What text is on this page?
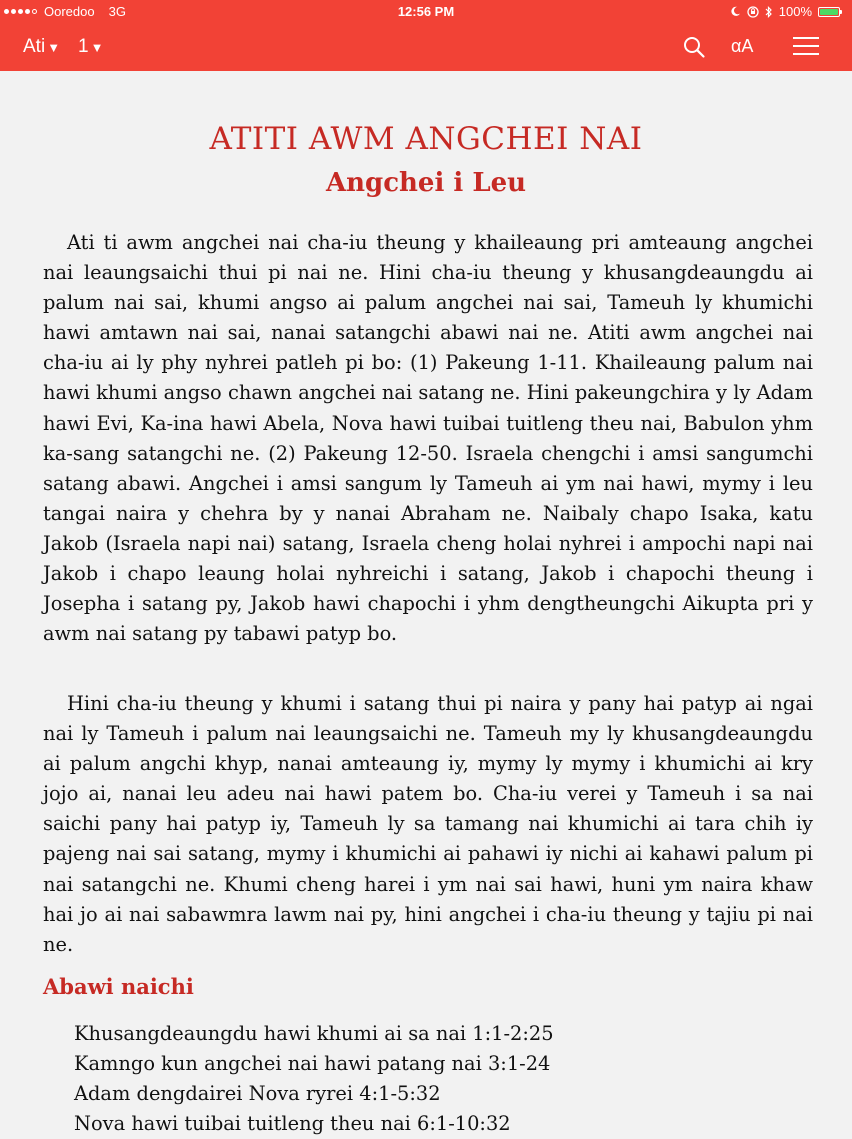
Ooredoo 3G	12:56 PM	100%
Ati ▼ 1 ▼	αA
ATITI AWM ANGCHEI NAI
Angchei i Leu
Ati ti awm angchei nai cha-iu theung y khaileaung pri amteaung angchei nai leaungsaichi thui pi nai ne. Hini cha-iu theung y khusangdeaungdu ai palum nai sai, khumi angso ai palum angchei nai sai, Tameuh ly khumichi hawi amtawn nai sai, nanai satangchi abawi nai ne. Atiti awm angchei nai cha-iu ai ly phy nyhrei patleh pi bo: (1) Pakeung 1-11. Khaileaung palum nai hawi khumi angso chawn angchei nai satang ne. Hini pakeungchira y ly Adam hawi Evi, Ka-ina hawi Abela, Nova hawi tuibai tuitleng theu nai, Babulon yhm ka-sang satangchi ne. (2) Pakeung 12-50. Israela chengchi i amsi sangumchi satang abawi. Angchei i amsi sangum ly Tameuh ai ym nai hawi, mymy i leu tangai naira y chehra by y nanai Abraham ne. Naibaly chapo Isaka, katu Jakob (Israela napi nai) satang, Israela cheng holai nyhrei i ampochi napi nai Jakob i chapo leaung holai nyhreichi i satang, Jakob i chapochi theung i Josepha i satang py, Jakob hawi chapochi i yhm dengtheungchi Aikupta pri y awm nai satang py tabawi patyp bo.
Hini cha-iu theung y khumi i satang thui pi naira y pany hai patyp ai ngai nai ly Tameuh i palum nai leaungsaichi ne. Tameuh my ly khusangdeaungdu ai palum angchi khyp, nanai amteaung iy, mymy ly mymy i khumichi ai kry jojo ai, nanai leu adeu nai hawi patem bo. Cha-iu verei y Tameuh i sa nai saichi pany hai patyp iy, Tameuh ly sa tamang nai khumichi ai tara chih iy pajeng nai sai satang, mymy i khumichi ai pahawi iy nichi ai kahawi palum pi nai satangchi ne. Khumi cheng harei i ym nai sai hawi, huni ym naira khaw hai jo ai nai sabawmra lawm nai py, hini angchei i cha-iu theung y tajiu pi nai ne.
Abawi naichi
Khusangdeaungdu hawi khumi ai sa nai 1:1-2:25
Kamngo kun angchei nai hawi patang nai 3:1-24
Adam dengdairei Nova ryrei 4:1-5:32
Nova hawi tuibai tuitleng theu nai 6:1-10:32
